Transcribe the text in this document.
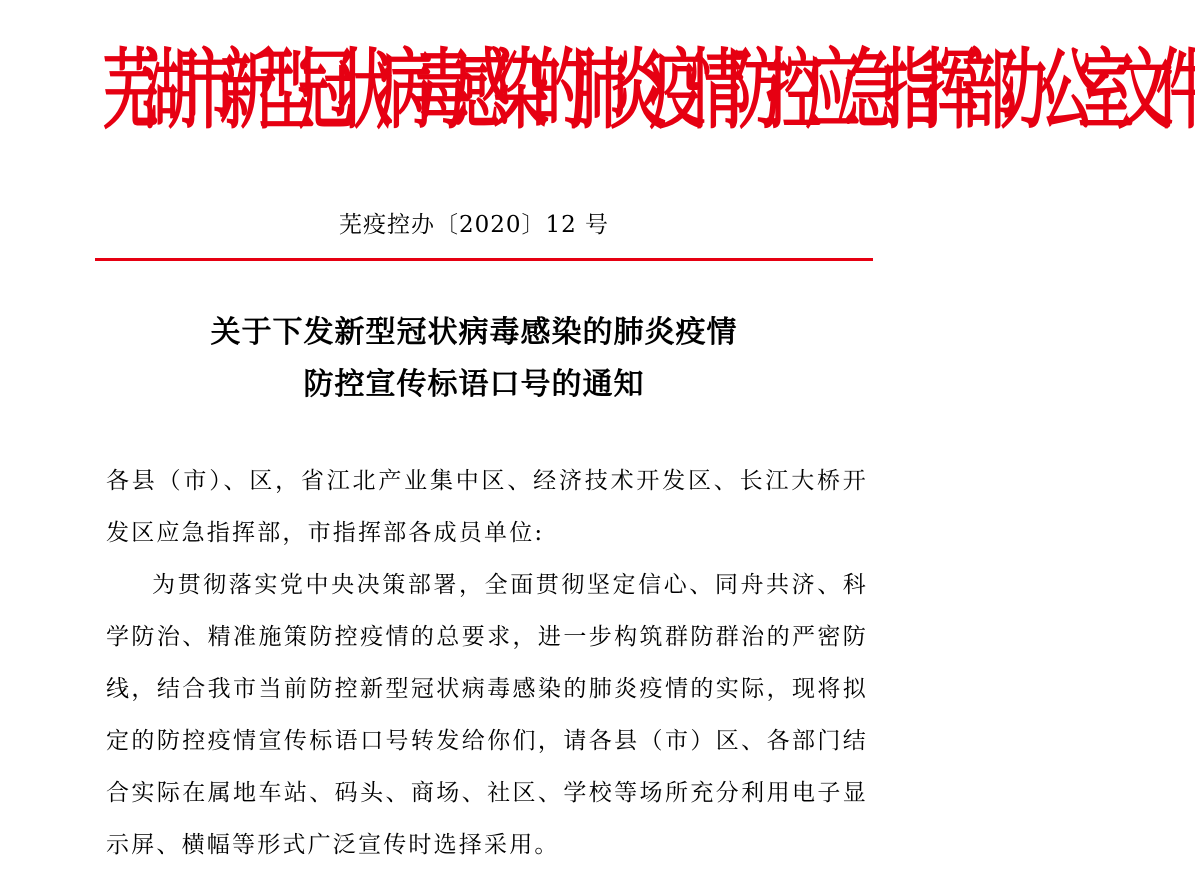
芜湖市新型冠状病毒感染的肺炎疫情防控应急指挥部办公室文件
芜疫控办〔2020〕12 号
关于下发新型冠状病毒感染的肺炎疫情
防控宣传标语口号的通知

各县（市）、区，省江北产业集中区、经济技术开发区、长江大桥开发区应急指挥部，市指挥部各成员单位:

为贯彻落实党中央决策部署，全面贯彻坚定信心、同舟共济、科学防治、精准施策防控疫情的总要求，进一步构筑群防群治的严密防线，结合我市当前防控新型冠状病毒感染的肺炎疫情的实际，现将拟定的防控疫情宣传标语口号转发给你们，请各县（市）区、各部门结合实际在属地车站、码头、商场、社区、学校等场所充分利用电子显示屏、横幅等形式广泛宣传时选择采用。
